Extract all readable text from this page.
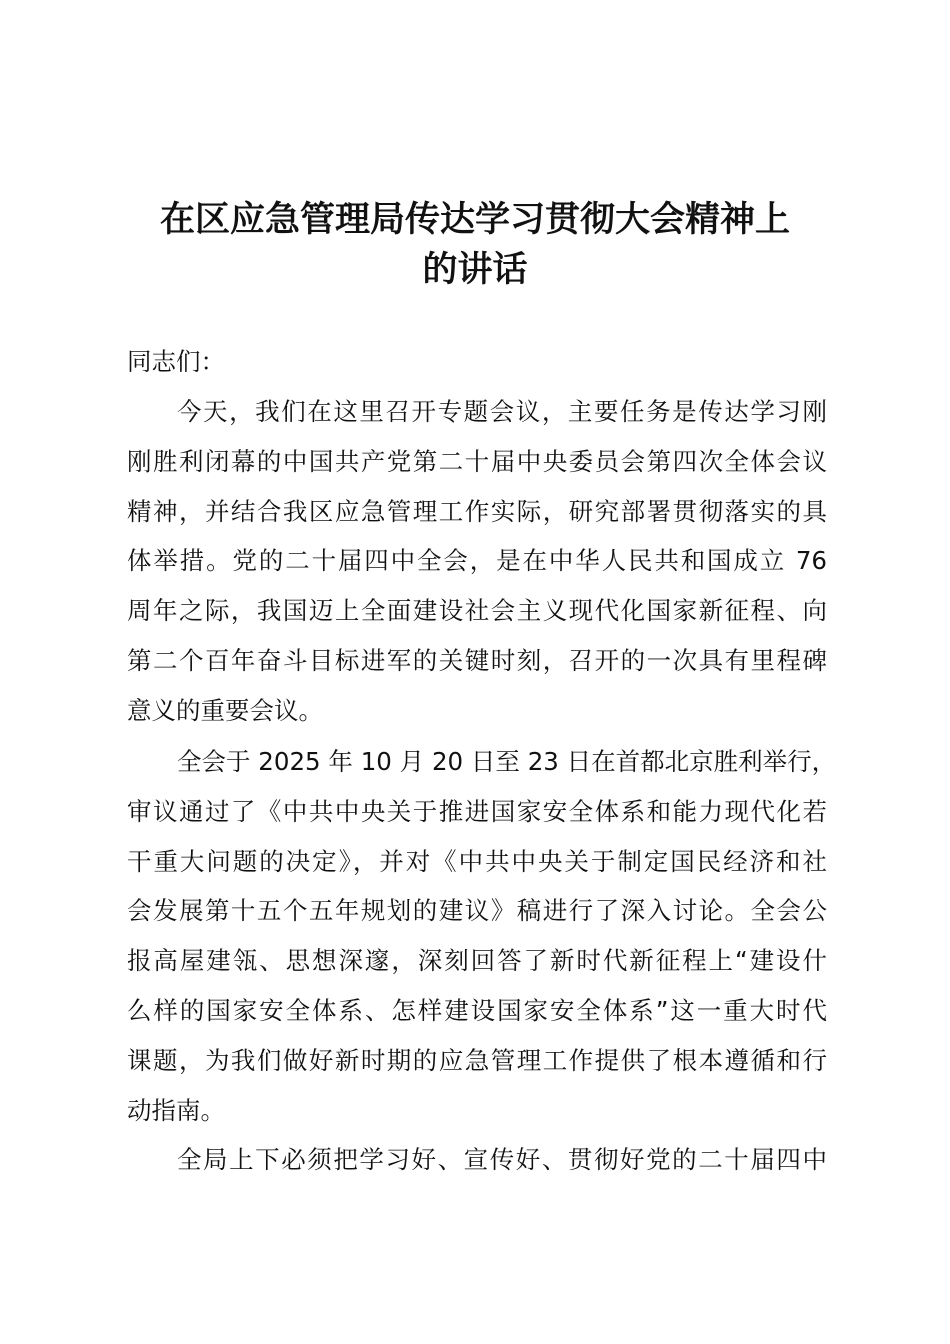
在区应急管理局传达学习贯彻大会精神上
的讲话
同志们：
今天，我们在这里召开专题会议，主要任务是传达学习刚
刚胜利闭幕的中国共产党第二十届中央委员会第四次全体会议
精神，并结合我区应急管理工作实际，研究部署贯彻落实的具
体举措。党的二十届四中全会，是在中华人民共和国成立 76
周年之际，我国迈上全面建设社会主义现代化国家新征程、向
第二个百年奋斗目标进军的关键时刻，召开的一次具有里程碑
意义的重要会议。
全会于 2025 年 10 月 20 日至 23 日在首都北京胜利举行，
审议通过了《中共中央关于推进国家安全体系和能力现代化若
干重大问题的决定》，并对《中共中央关于制定国民经济和社
会发展第十五个五年规划的建议》稿进行了深入讨论。全会公
报高屋建瓴、思想深邃，深刻回答了新时代新征程上“建设什
么样的国家安全体系、怎样建设国家安全体系”这一重大时代
课题，为我们做好新时期的应急管理工作提供了根本遵循和行
动指南。
全局上下必须把学习好、宣传好、贯彻好党的二十届四中
